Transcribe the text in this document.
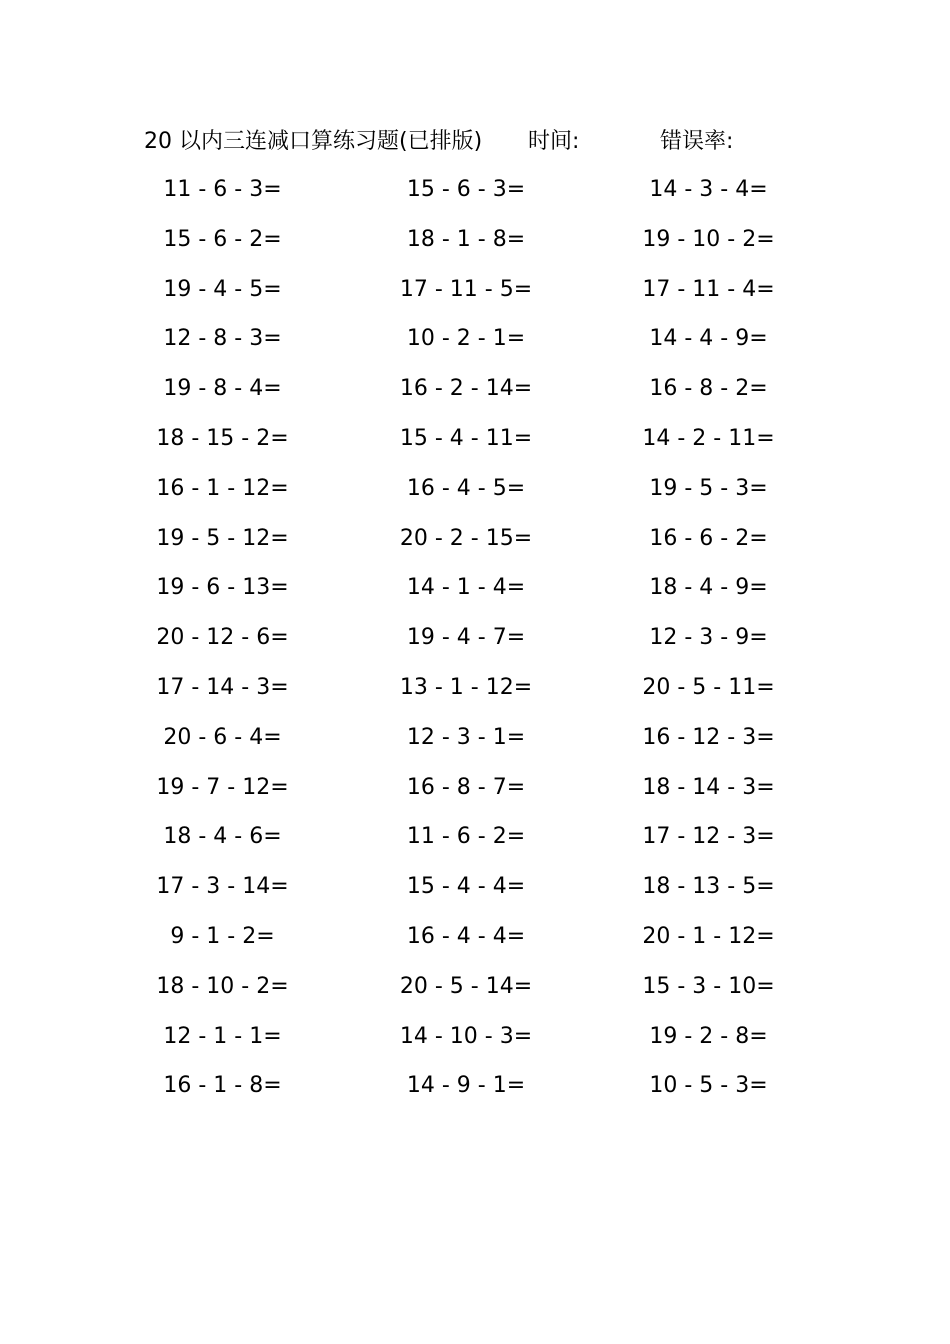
20 以内三连减口算练习题(已排版) 时间:	错误率:
11 - 6 - 3=	15 - 6 - 3=	14 - 3 - 4=
15 - 6 - 2=	18 - 1 - 8=	19 - 10 - 2=
19 - 4 - 5=	17 - 11 - 5=	17 - 11 - 4=
12 - 8 - 3=	10 - 2 - 1=	14 - 4 - 9=
19 - 8 - 4=	16 - 2 - 14=	16 - 8 - 2=
18 - 15 - 2=	15 - 4 - 11=	14 - 2 - 11=
16 - 1 - 12=	16 - 4 - 5=	19 - 5 - 3=
19 - 5 - 12=	20 - 2 - 15=	16 - 6 - 2=
19 - 6 - 13=	14 - 1 - 4=	18 - 4 - 9=
20 - 12 - 6=	19 - 4 - 7=	12 - 3 - 9=
17 - 14 - 3=	13 - 1 - 12=	20 - 5 - 11=
20 - 6 - 4=	12 - 3 - 1=	16 - 12 - 3=
19 - 7 - 12=	16 - 8 - 7=	18 - 14 - 3=
18 - 4 - 6=	11 - 6 - 2=	17 - 12 - 3=
17 - 3 - 14=	15 - 4 - 4=	18 - 13 - 5=
9 - 1 - 2=	16 - 4 - 4=	20 - 1 - 12=
18 - 10 - 2=	20 - 5 - 14=	15 - 3 - 10=
12 - 1 - 1=	14 - 10 - 3=	19 - 2 - 8=
16 - 1 - 8=	14 - 9 - 1=	10 - 5 - 3=
